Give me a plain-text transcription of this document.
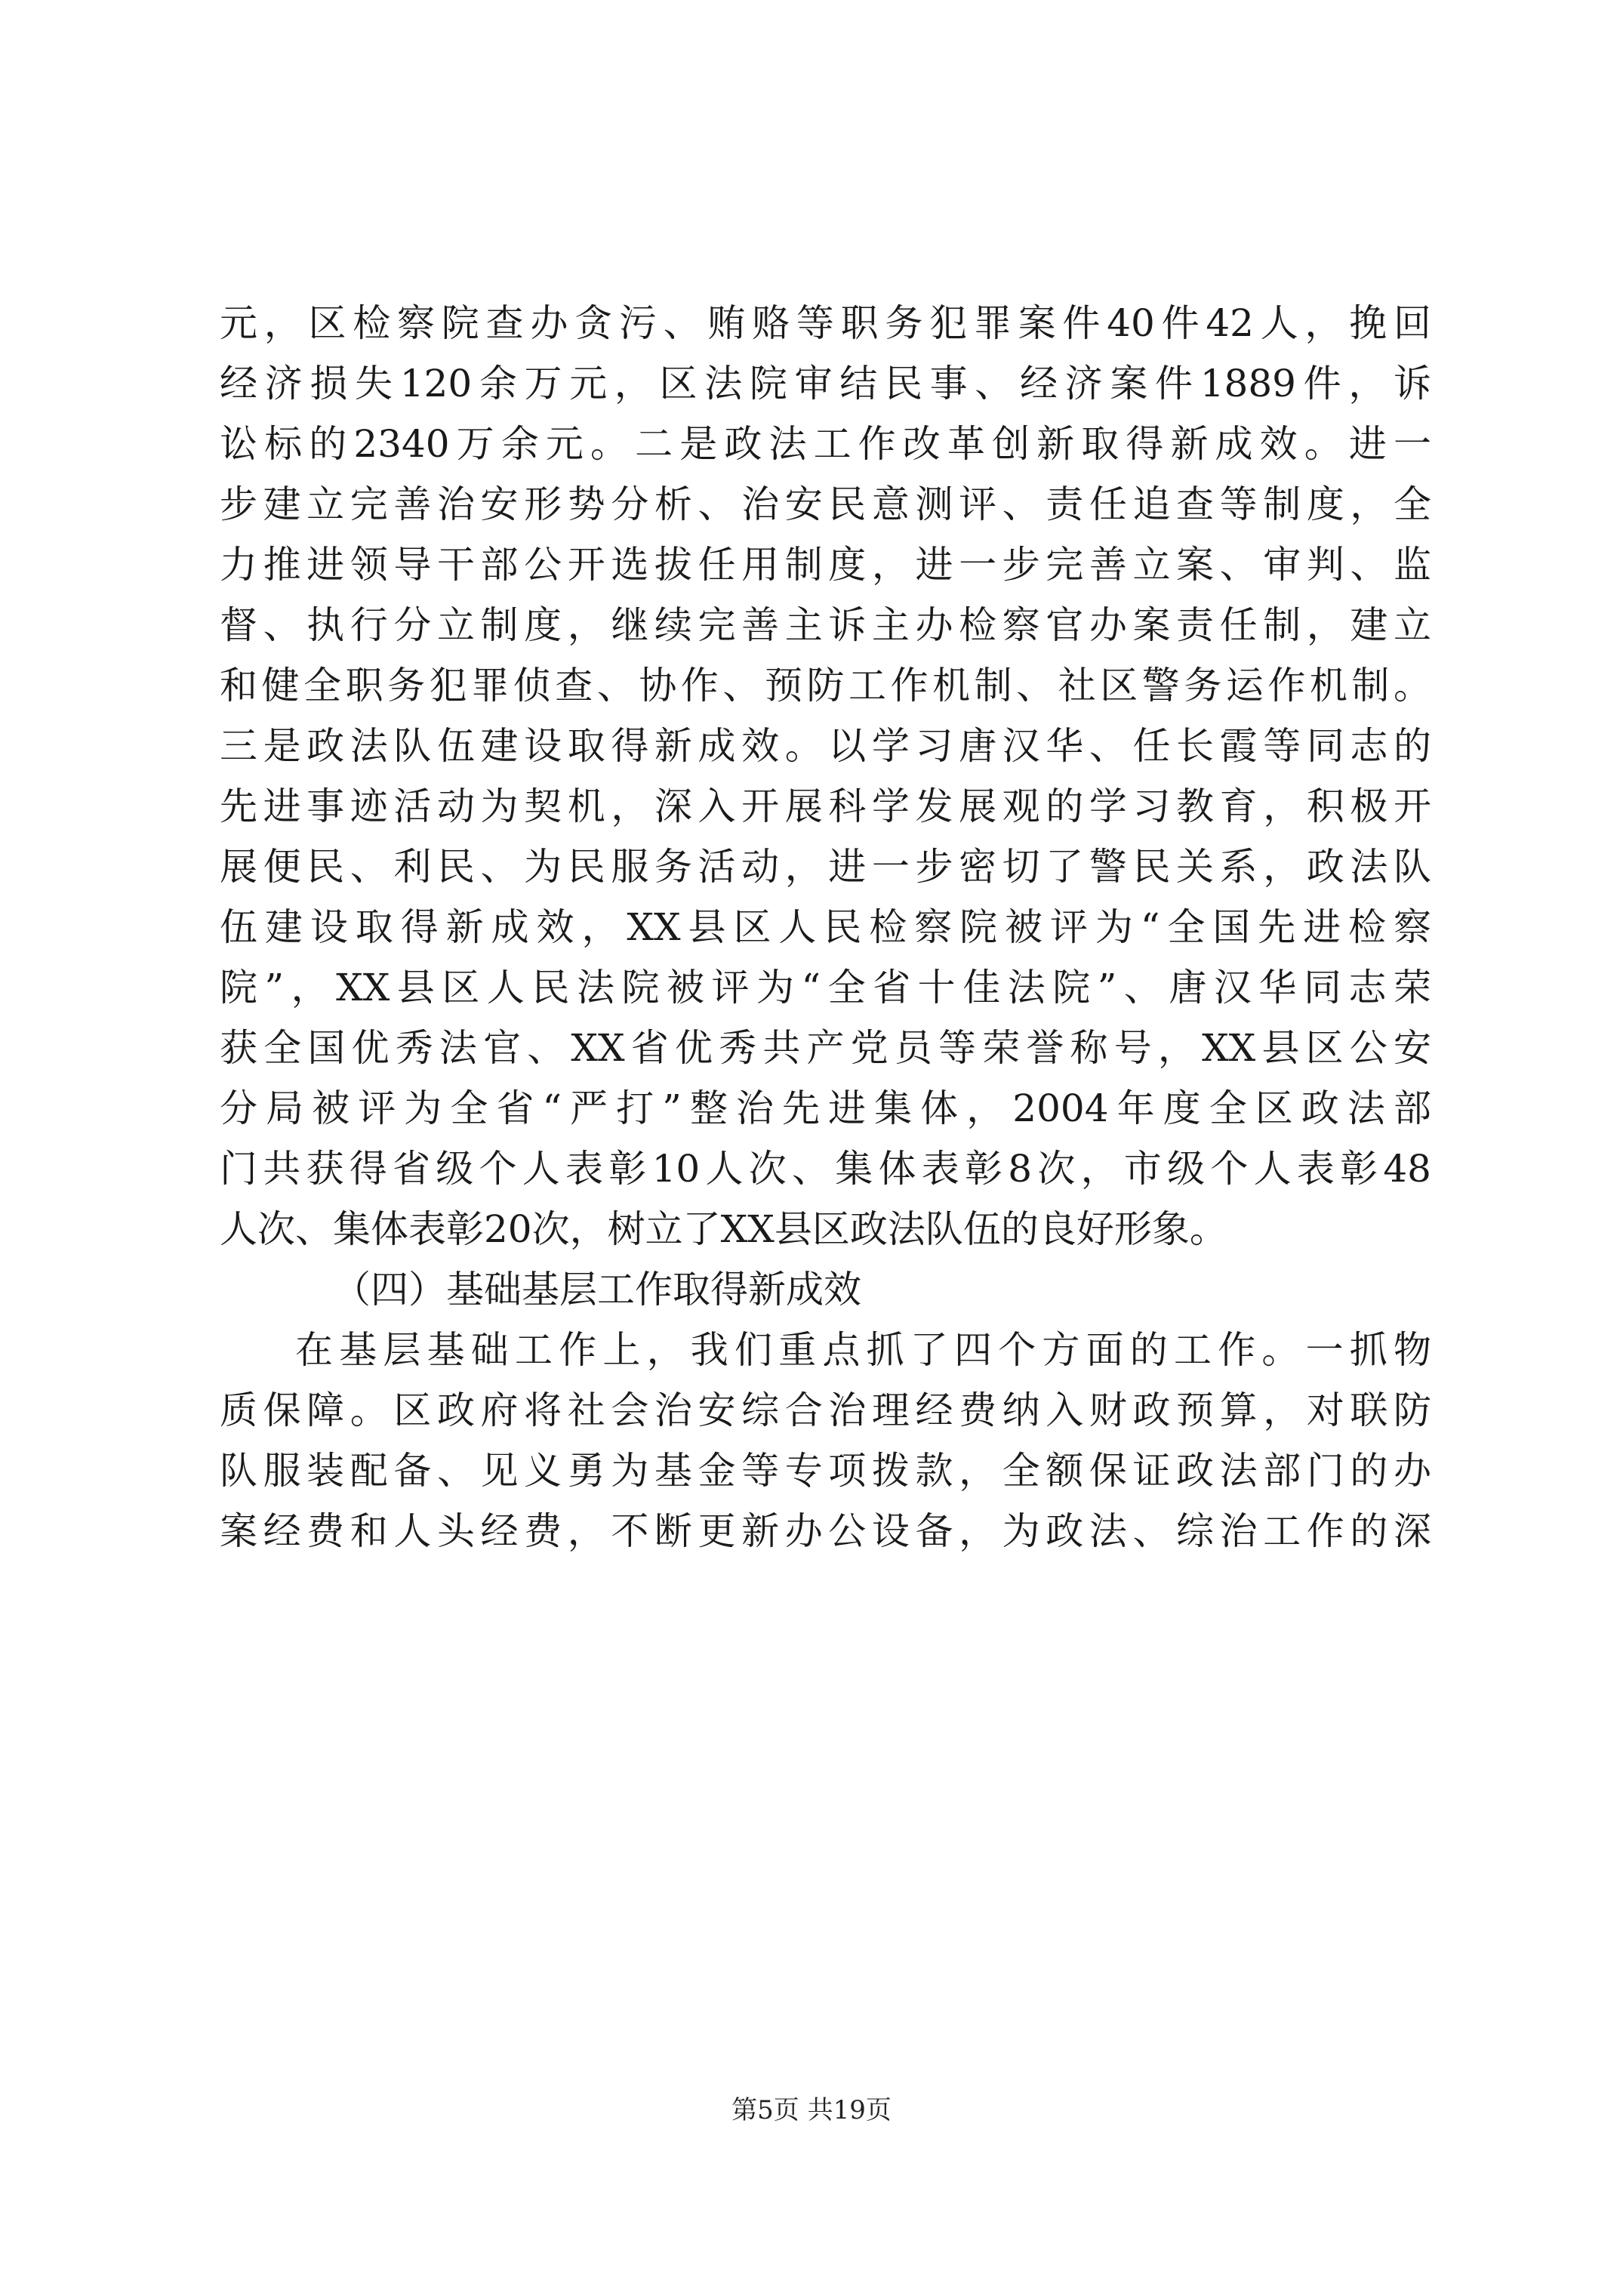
元，区检察院查办贪污、贿赂等职务犯罪案件40件42人，挽回
经济损失120余万元，区法院审结民事、经济案件1889件，诉
讼标的2340万余元。二是政法工作改革创新取得新成效。进一
步建立完善治安形势分析、治安民意测评、责任追查等制度，全
力推进领导干部公开选拔任用制度，进一步完善立案、审判、监
督、执行分立制度，继续完善主诉主办检察官办案责任制，建立
和健全职务犯罪侦查、协作、预防工作机制、社区警务运作机制。
三是政法队伍建设取得新成效。以学习唐汉华、任长霞等同志的
先进事迹活动为契机，深入开展科学发展观的学习教育，积极开
展便民、利民、为民服务活动，进一步密切了警民关系，政法队
伍建设取得新成效，XX县区人民检察院被评为“全国先进检察
院”，XX县区人民法院被评为“全省十佳法院”、唐汉华同志荣
获全国优秀法官、XX省优秀共产党员等荣誉称号，XX县区公安
分局被评为全省“严打”整治先进集体，2004年度全区政法部
门共获得省级个人表彰10人次、集体表彰8次，市级个人表彰48
人次、集体表彰20次，树立了XX县区政法队伍的良好形象。
（四）基础基层工作取得新成效
在基层基础工作上，我们重点抓了四个方面的工作。一抓物
质保障。区政府将社会治安综合治理经费纳入财政预算，对联防
队服装配备、见义勇为基金等专项拨款，全额保证政法部门的办
案经费和人头经费，不断更新办公设备，为政法、综治工作的深
第5页 共19页
